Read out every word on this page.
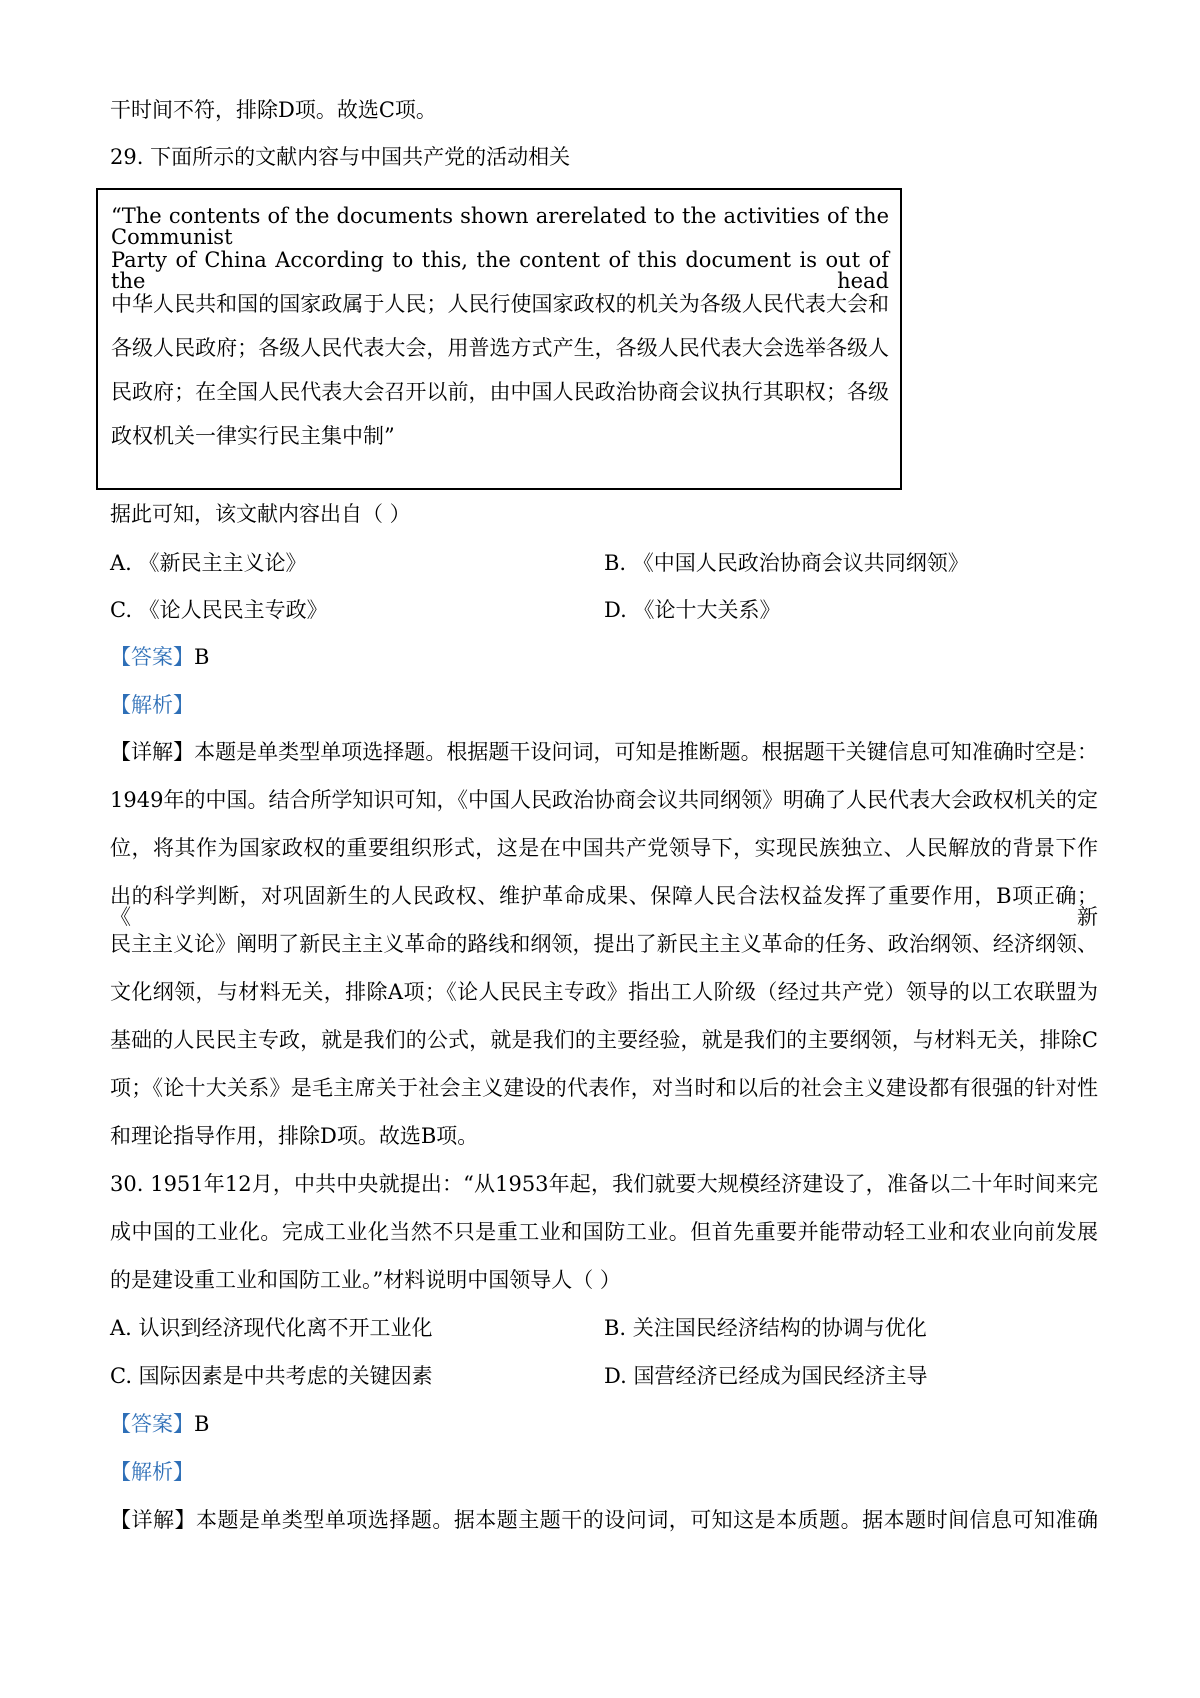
干时间不符，排除D项。故选C项。
29. 下面所示的文献内容与中国共产党的活动相关
“The contents of the documents shown arerelated to the activities of the Communist
Party of China According to this, the content of this document is out of the head
中华人民共和国的国家政属于人民；人民行使国家政权的机关为各级人民代表大会和
各级人民政府；各级人民代表大会，用普选方式产生，各级人民代表大会选举各级人
民政府；在全国人民代表大会召开以前，由中国人民政治协商会议执行其职权；各级
政权机关一律实行民主集中制”
据此可知，该文献内容出自（ ）
A. 《新民主主义论》	B. 《中国人民政治协商会议共同纲领》
C. 《论人民民主专政》	D. 《论十大关系》
【答案】B
【解析】
【详解】本题是单类型单项选择题。根据题干设问词，可知是推断题。根据题干关键信息可知准确时空是：
1949年的中国。结合所学知识可知，《中国人民政治协商会议共同纲领》明确了人民代表大会政权机关的定
位，将其作为国家政权的重要组织形式，这是在中国共产党领导下，实现民族独立、人民解放的背景下作
出的科学判断，对巩固新生的人民政权、维护革命成果、保障人民合法权益发挥了重要作用，B项正确；《新
民主主义论》阐明了新民主主义革命的路线和纲领，提出了新民主主义革命的任务、政治纲领、经济纲领、
文化纲领，与材料无关，排除A项；《论人民民主专政》指出工人阶级（经过共产党）领导的以工农联盟为
基础的人民民主专政，就是我们的公式，就是我们的主要经验，就是我们的主要纲领，与材料无关，排除C
项；《论十大关系》是毛主席关于社会主义建设的代表作，对当时和以后的社会主义建设都有很强的针对性
和理论指导作用，排除D项。故选B项。
30. 1951年12月，中共中央就提出：“从1953年起，我们就要大规模经济建设了，准备以二十年时间来完
成中国的工业化。完成工业化当然不只是重工业和国防工业。但首先重要并能带动轻工业和农业向前发展
的是建设重工业和国防工业。”材料说明中国领导人（ ）
A. 认识到经济现代化离不开工业化	B. 关注国民经济结构的协调与优化
C. 国际因素是中共考虑的关键因素	D. 国营经济已经成为国民经济主导
【答案】B
【解析】
【详解】本题是单类型单项选择题。据本题主题干的设问词，可知这是本质题。据本题时间信息可知准确
